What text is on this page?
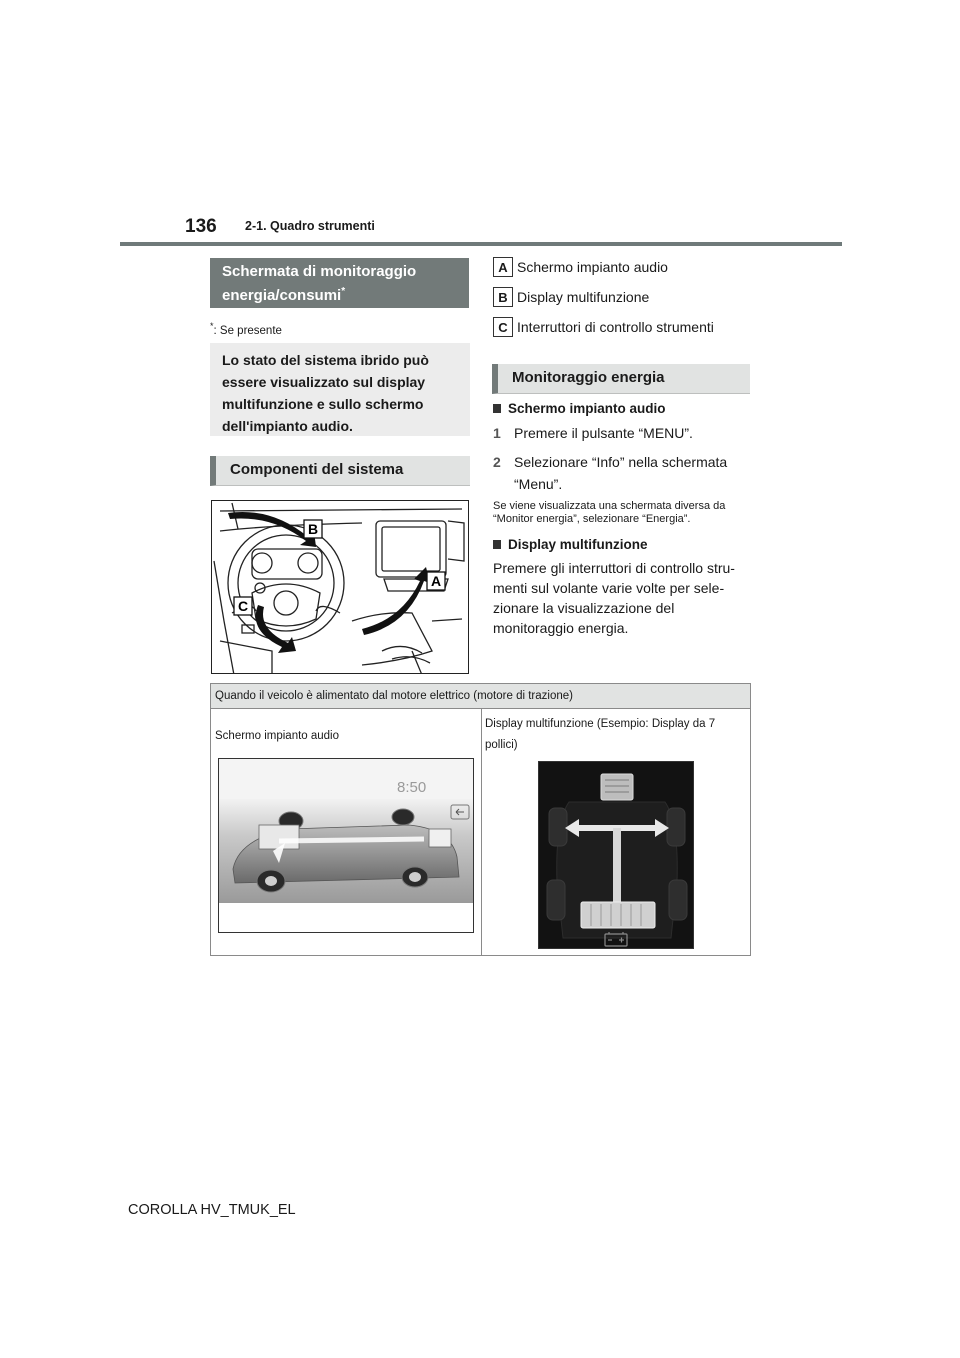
136 2-1. Quadro strumenti
Schermata di monitoraggio energia/consumi*
*: Se presente
Lo stato del sistema ibrido può essere visualizzato sul display multifunzione e sullo schermo dell'impianto audio.
Componenti del sistema
B
A
C
A Schermo impianto audio
B Display multifunzione
C Interruttori di controllo strumenti
Monitoraggio energia
Schermo impianto audio
1 Premere il pulsante “MENU”.
2 Selezionare “Info” nella schermata
“Menu”.
Se viene visualizzata una schermata diversa da “Monitor energia”, selezionare “Energia”.
Display multifunzione
Premere gli interruttori di controllo stru-menti sul volante varie volte per sele-zionare la visualizzazione del monitoraggio energia.
Quando il veicolo è alimentato dal motore elettrico (motore di trazione)
Schermo impianto audio
Display multifunzione (Esempio: Display da 7 pollici)
8:50
COROLLA HV_TMUK_EL
